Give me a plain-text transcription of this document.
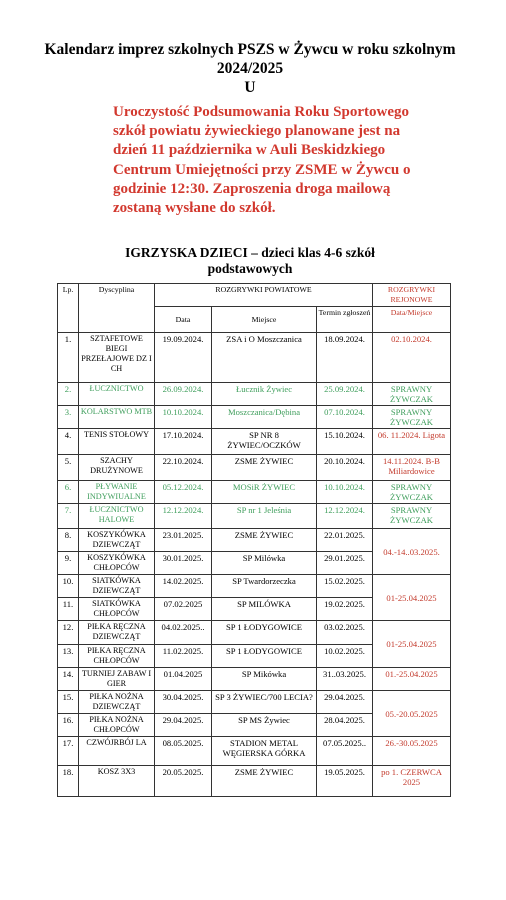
Kalendarz imprez szkolnych PSZS w Żywcu w roku szkolnym 2024/2025
U
Uroczystość Podsumowania Roku Sportowego szkół powiatu żywieckiego planowane jest na dzień 11 października w Auli Beskidzkiego Centrum Umiejętności przy ZSME w Żywcu o godzinie 12:30. Zaproszenia droga mailową zostaną wysłane do szkół.
IGRZYSKA DZIECI – dzieci klas 4-6 szkół podstawowych
Lp.	Dyscyplina	ROZGRYWKI POWIATOWE			ROZGRYWKI REJONOWE
		Data	Miejsce	Termin zgłoszeń	Data/Miejsce
1.	SZTAFETOWE BIEGI PRZEŁAJOWE DZ I CH	19.09.2024.	ZSA i O Moszczanica	18.09.2024.	02.10.2024.
2.	ŁUCZNICTWO	26.09.2024.	Łucznik Żywiec	25.09.2024.	SPRAWNY ŻYWCZAK
3.	KOLARSTWO MTB	10.10.2024.	Moszczanica/Dębina	07.10.2024.	SPRAWNY ŻYWCZAK
4.	TENIS STOŁOWY	17.10.2024.	SP NR 8 ŻYWIEC/OCZKÓW	15.10.2024.	06. 11.2024. Ligota
5.	SZACHY DRUŻYNOWE	22.10.2024.	ZSME ŻYWIEC	20.10.2024.	14.11.2024. B-B Miliardowice
6.	PŁYWANIE INDYWIUALNE	05.12.2024.	MOSiR ŻYWIEC	10.10.2024.	SPRAWNY ŻYWCZAK
7.	ŁUCZNICTWO HALOWE	12.12.2024.	SP nr 1 Jeleśnia	12.12.2024.	SPRAWNY ŻYWCZAK
8.	KOSZYKÓWKA DZIEWCZĄT	23.01.2025.	ZSME ŻYWIEC	22.01.2025.	04.-14..03.2025.
9.	KOSZYKÓWKA CHŁOPCÓW	30.01.2025.	SP Milówka	29.01.2025.	
10.	SIATKÓWKA DZIEWCZĄT	14.02.2025.	SP Twardorzeczka	15.02.2025.	01-25.04.2025
11.	SIATKÓWKA CHŁOPCÓW	07.02.2025	SP MILÓWKA	19.02.2025.	
12.	PIŁKA RĘCZNA DZIEWCZĄT	04.02.2025..	SP 1 ŁODYGOWICE	03.02.2025.	01-25.04.2025
13.	PIŁKA RĘCZNA CHŁOPCÓW	11.02.2025.	SP 1 ŁODYGOWICE	10.02.2025.	
14.	TURNIEJ ZABAW I GIER	01.04.2025	SP Mikówka	31..03.2025.	01.-25.04.2025
15.	PIŁKA NOŻNA DZIEWCZĄT	30.04.2025.	SP 3 ŻYWIEC/700 LECIA?	29.04.2025.	05.-20.05.2025
16.	PIŁKA NOŻNA CHŁOPCÓW	29.04.2025.	SP MS Żywiec	28.04.2025.	
17.	CZWÓJRBÓJ LA	08.05.2025.	STADION METAL WĘGIERSKA GÓRKA	07.05.2025..	26.-30.05.2025
18.	KOSZ 3X3	20.05.2025.	ZSME ŻYWIEC	19.05.2025.	po 1. CZERWCA 2025
